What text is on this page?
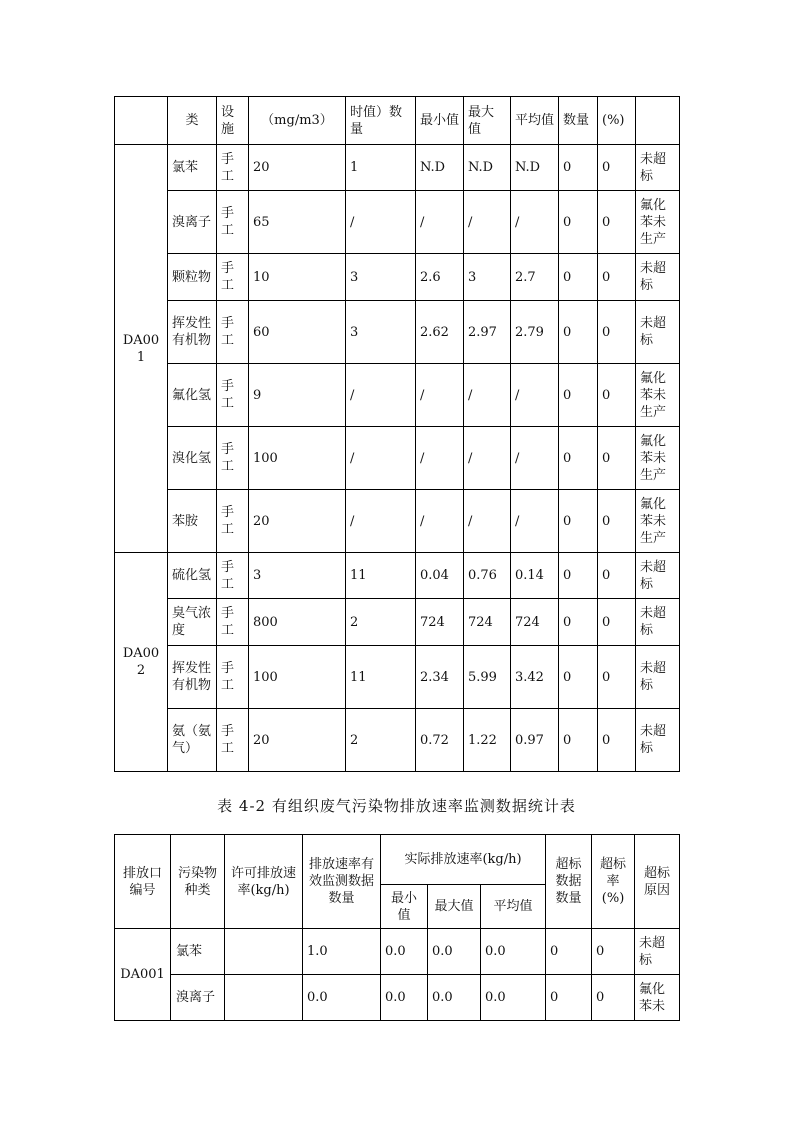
	类	设施	（mg/m3）	时值）数量	最小值	最大值	平均值	数量	(%)	
DA001	氯苯	手工	20	1	N.D	N.D	N.D	0	0	未超标
	溴离子	手工	65	/	/	/	/	0	0	氟化苯未生产
	颗粒物	手工	10	3	2.6	3	2.7	0	0	未超标
	挥发性有机物	手工	60	3	2.62	2.97	2.79	0	0	未超标
	氟化氢	手工	9	/	/	/	/	0	0	氟化苯未生产
	溴化氢	手工	100	/	/	/	/	0	0	氟化苯未生产
	苯胺	手工	20	/	/	/	/	0	0	氟化苯未生产
DA002	硫化氢	手工	3	11	0.04	0.76	0.14	0	0	未超标
	臭气浓度	手工	800	2	724	724	724	0	0	未超标
	挥发性有机物	手工	100	11	2.34	5.99	3.42	0	0	未超标
	氨（氨气）	手工	20	2	0.72	1.22	0.97	0	0	未超标
表 4-2 有组织废气污染物排放速率监测数据统计表
排放口编号	污染物种类	许可排放速率(kg/h)	排放速率有效监测数据数量	实际排放速率(kg/h)			超标数据数量	超标率(%)	超标原因
				最小值	最大值	平均值			
DA001	氯苯		1.0	0.0	0.0	0.0	0	0	未超标
	溴离子		0.0	0.0	0.0	0.0	0	0	氟化苯未
